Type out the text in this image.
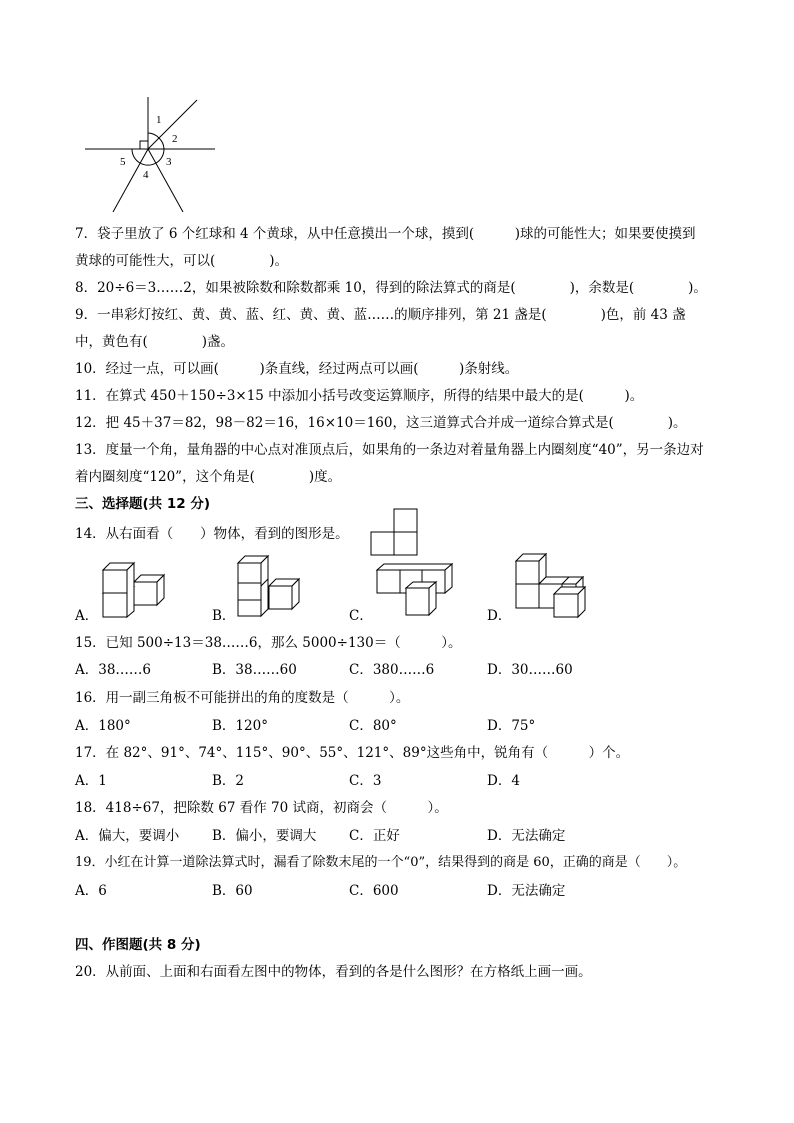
1
2
3
4
5
7．袋子里放了 6 个红球和 4 个黄球，从中任意摸出一个球，摸到(　　　)球的可能性大；如果要使摸到
黄球的可能性大，可以(　　　　)。
8．20÷6＝3……2，如果被除数和除数都乘 10，得到的除法算式的商是(　　　　)，余数是(　　　　)。
9．一串彩灯按红、黄、黄、蓝、红、黄、黄、蓝……的顺序排列，第 21 盏是(　　　　)色，前 43 盏
中，黄色有(　　　　)盏。
10．经过一点，可以画(　　　)条直线，经过两点可以画(　　　)条射线。
11．在算式 450＋150÷3×15 中添加小括号改变运算顺序，所得的结果中最大的是(　　　)。
12．把 45＋37＝82，98－82＝16，16×10＝160，这三道算式合并成一道综合算式是(　　　　)。
13．度量一个角，量角器的中心点对准顶点后，如果角的一条边对着量角器上内圈刻度“40”，另一条边对
着内圈刻度“120”，这个角是(　　　　)度。
三、选择题(共 12 分)
14．从右面看（　　）物体，看到的图形是。
A．	B．	C．	D．
15．已知 500÷13＝38……6，那么 5000÷130＝（　　　）。
A．38……6	B．38……60	C．380……6	D．30……60
16．用一副三角板不可能拼出的角的度数是（　　　）。
A．180°	B．120°	C．80°	D．75°
17．在 82°、91°、74°、115°、90°、55°、121°、89°这些角中，锐角有（　　　）个。
A．1	B．2	C．3	D．4
18．418÷67，把除数 67 看作 70 试商，初商会（　　　）。
A．偏大，要调小 B．偏小，要调大 C．正好	D．无法确定
19．小红在计算一道除法算式时，漏看了除数末尾的一个“0”，结果得到的商是 60，正确的商是（　　）。
A．6	B．60	C．600	D．无法确定
四、作图题(共 8 分)
20．从前面、上面和右面看左图中的物体，看到的各是什么图形？在方格纸上画一画。
